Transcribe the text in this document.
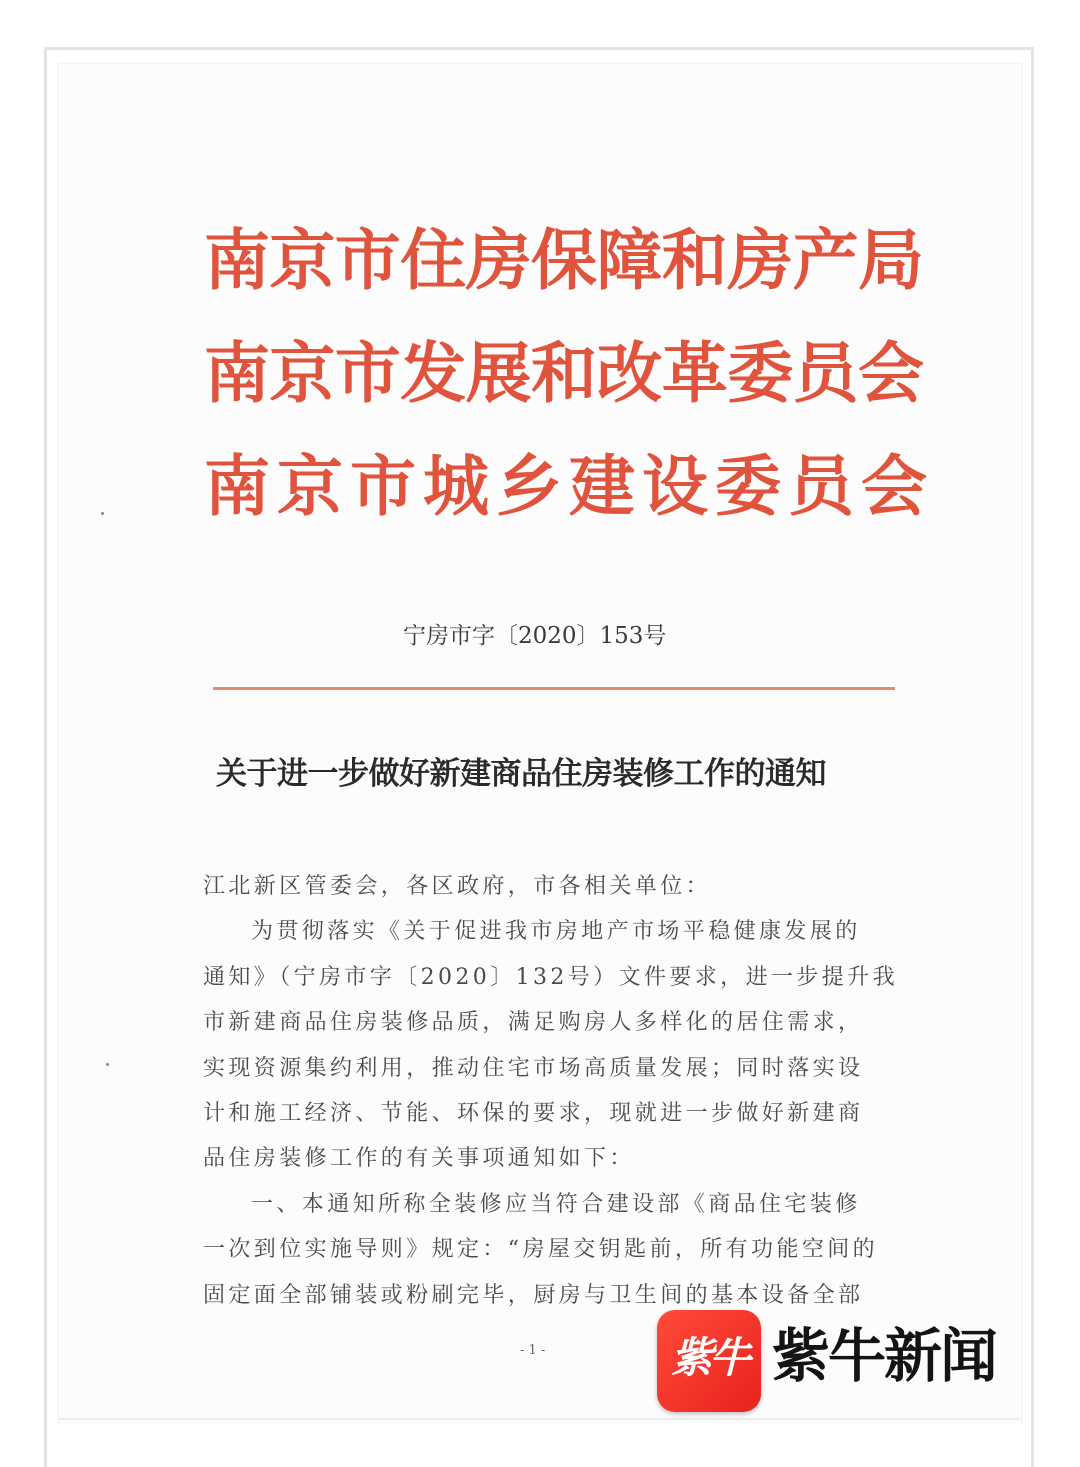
南京市住房保障和房产局
南京市发展和改革委员会
南京市城乡建设委员会
宁房市字〔2020〕153号
关于进一步做好新建商品住房装修工作的通知
江北新区管委会，各区政府，市各相关单位：
为贯彻落实《关于促进我市房地产市场平稳健康发展的
通知》（宁房市字〔2020〕132号）文件要求，进一步提升我
市新建商品住房装修品质，满足购房人多样化的居住需求，
实现资源集约利用，推动住宅市场高质量发展；同时落实设
计和施工经济、节能、环保的要求，现就进一步做好新建商
品住房装修工作的有关事项通知如下：
一、本通知所称全装修应当符合建设部《商品住宅装修
一次到位实施导则》规定：“房屋交钥匙前，所有功能空间的
固定面全部铺装或粉刷完毕，厨房与卫生间的基本设备全部
- 1 -	紫牛 紫牛新闻
